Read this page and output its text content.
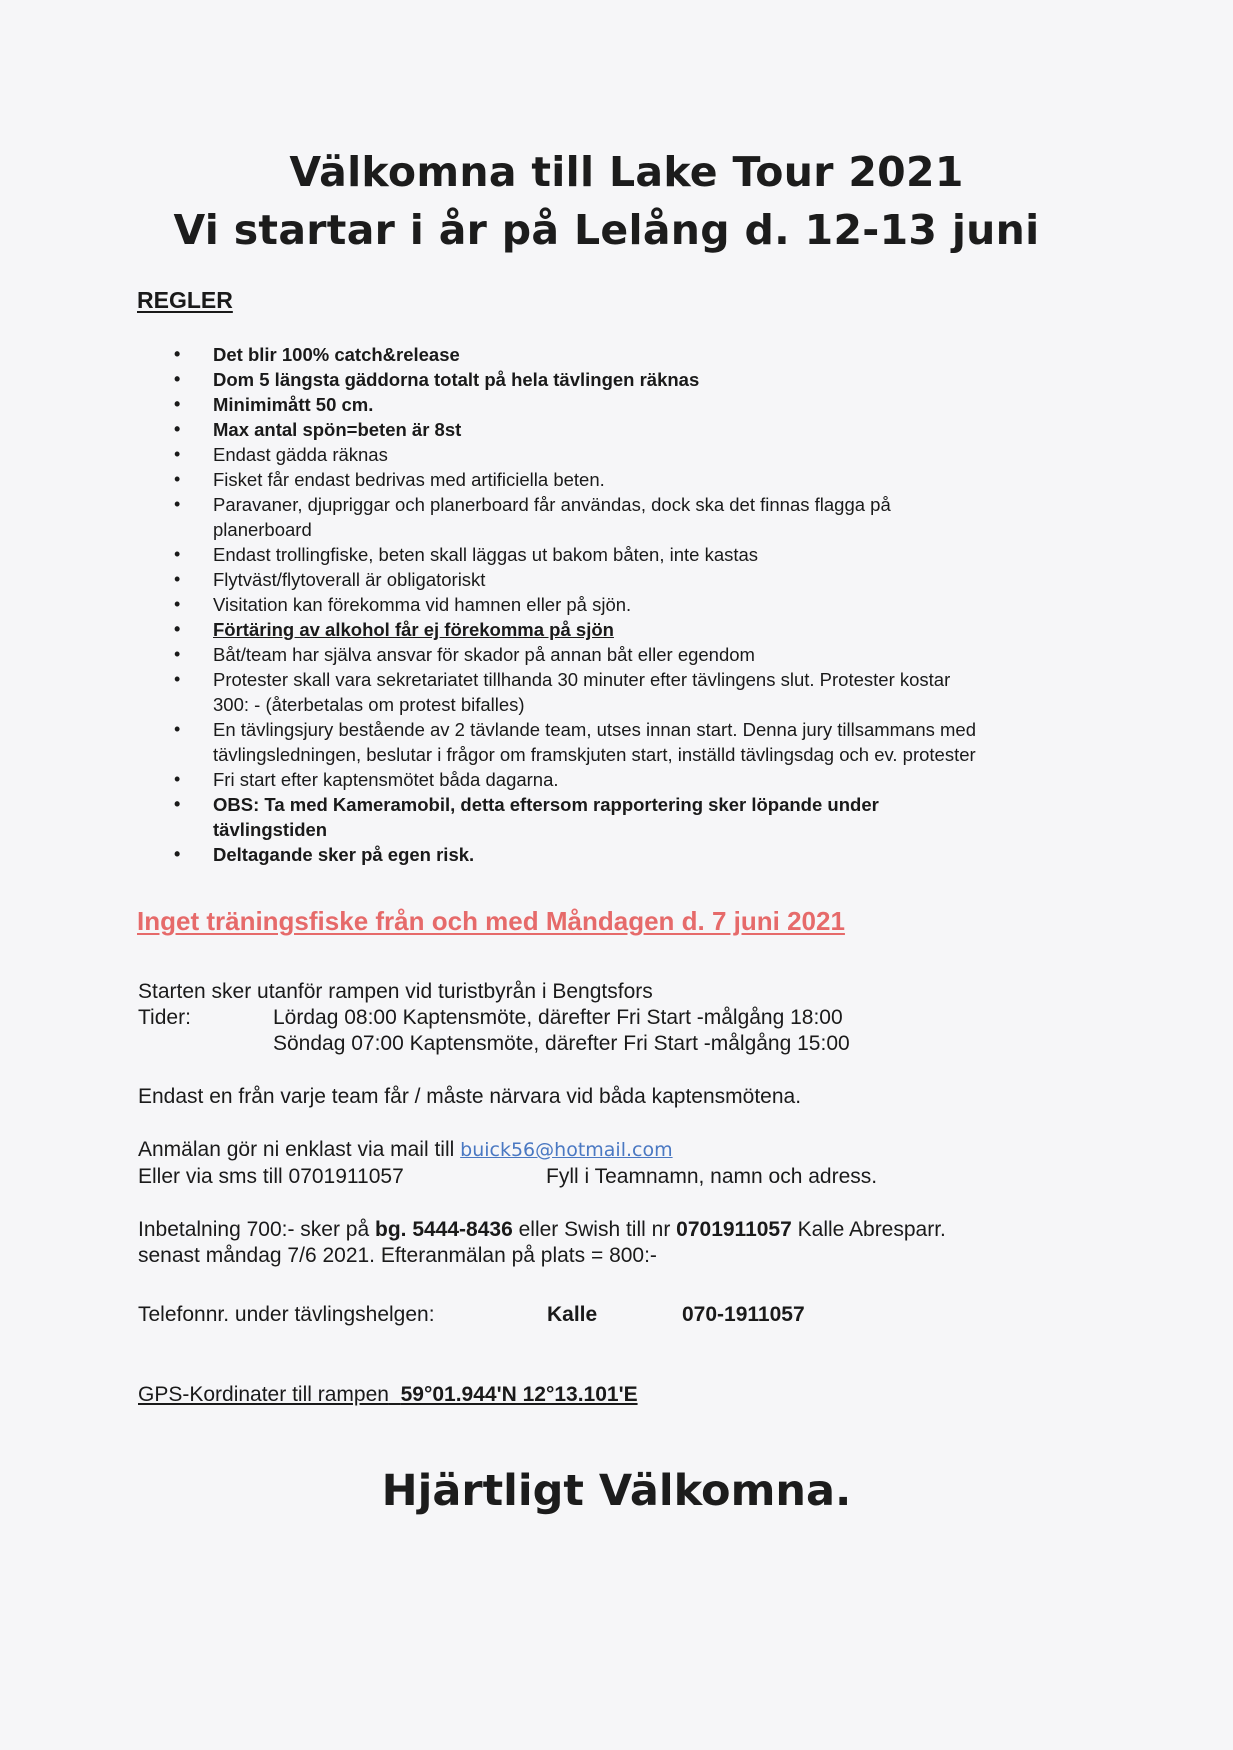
Välkomna till Lake Tour 2021
Vi startar i år på Lelång d. 12-13 juni
REGLER
• Det blir 100% catch&release
• Dom 5 längsta gäddorna totalt på hela tävlingen räknas
• Minimimått 50 cm.
• Max antal spön=beten är 8st
• Endast gädda räknas
• Fisket får endast bedrivas med artificiella beten.
• Paravaner, djupriggar och planerboard får användas, dock ska det finnas flagga på planerboard
• Endast trollingfiske, beten skall läggas ut bakom båten, inte kastas
• Flytväst/flytoverall är obligatoriskt
• Visitation kan förekomma vid hamnen eller på sjön.
• Förtäring av alkohol får ej förekomma på sjön
• Båt/team har själva ansvar för skador på annan båt eller egendom
• Protester skall vara sekretariatet tillhanda 30 minuter efter tävlingens slut. Protester kostar 300: - (återbetalas om protest bifalles)
• En tävlingsjury bestående av 2 tävlande team, utses innan start. Denna jury tillsammans med tävlingsledningen, beslutar i frågor om framskjuten start, inställd tävlingsdag och ev. protester
• Fri start efter kaptensmötet båda dagarna.
• OBS: Ta med Kameramobil, detta eftersom rapportering sker löpande under tävlingstiden
• Deltagande sker på egen risk.
Inget träningsfiske från och med Måndagen d. 7 juni 2021
Starten sker utanför rampen vid turistbyrån i Bengtsfors
Tider:	Lördag 08:00 Kaptensmöte, därefter Fri Start -målgång 18:00
Söndag 07:00 Kaptensmöte, därefter Fri Start -målgång 15:00
Endast en från varje team får / måste närvara vid båda kaptensmötena.
Anmälan gör ni enklast via mail till buick56@hotmail.com
Eller via sms till 0701911057	Fyll i Teamnamn, namn och adress.
Inbetalning 700:- sker på bg. 5444-8436 eller Swish till nr 0701911057 Kalle Abresparr.
senast måndag 7/6 2021. Efteranmälan på plats = 800:-
Telefonnr. under tävlingshelgen:	Kalle	070-1911057
GPS-Kordinater till rampen 59°01.944'N 12°13.101'E
Hjärtligt Välkomna.
